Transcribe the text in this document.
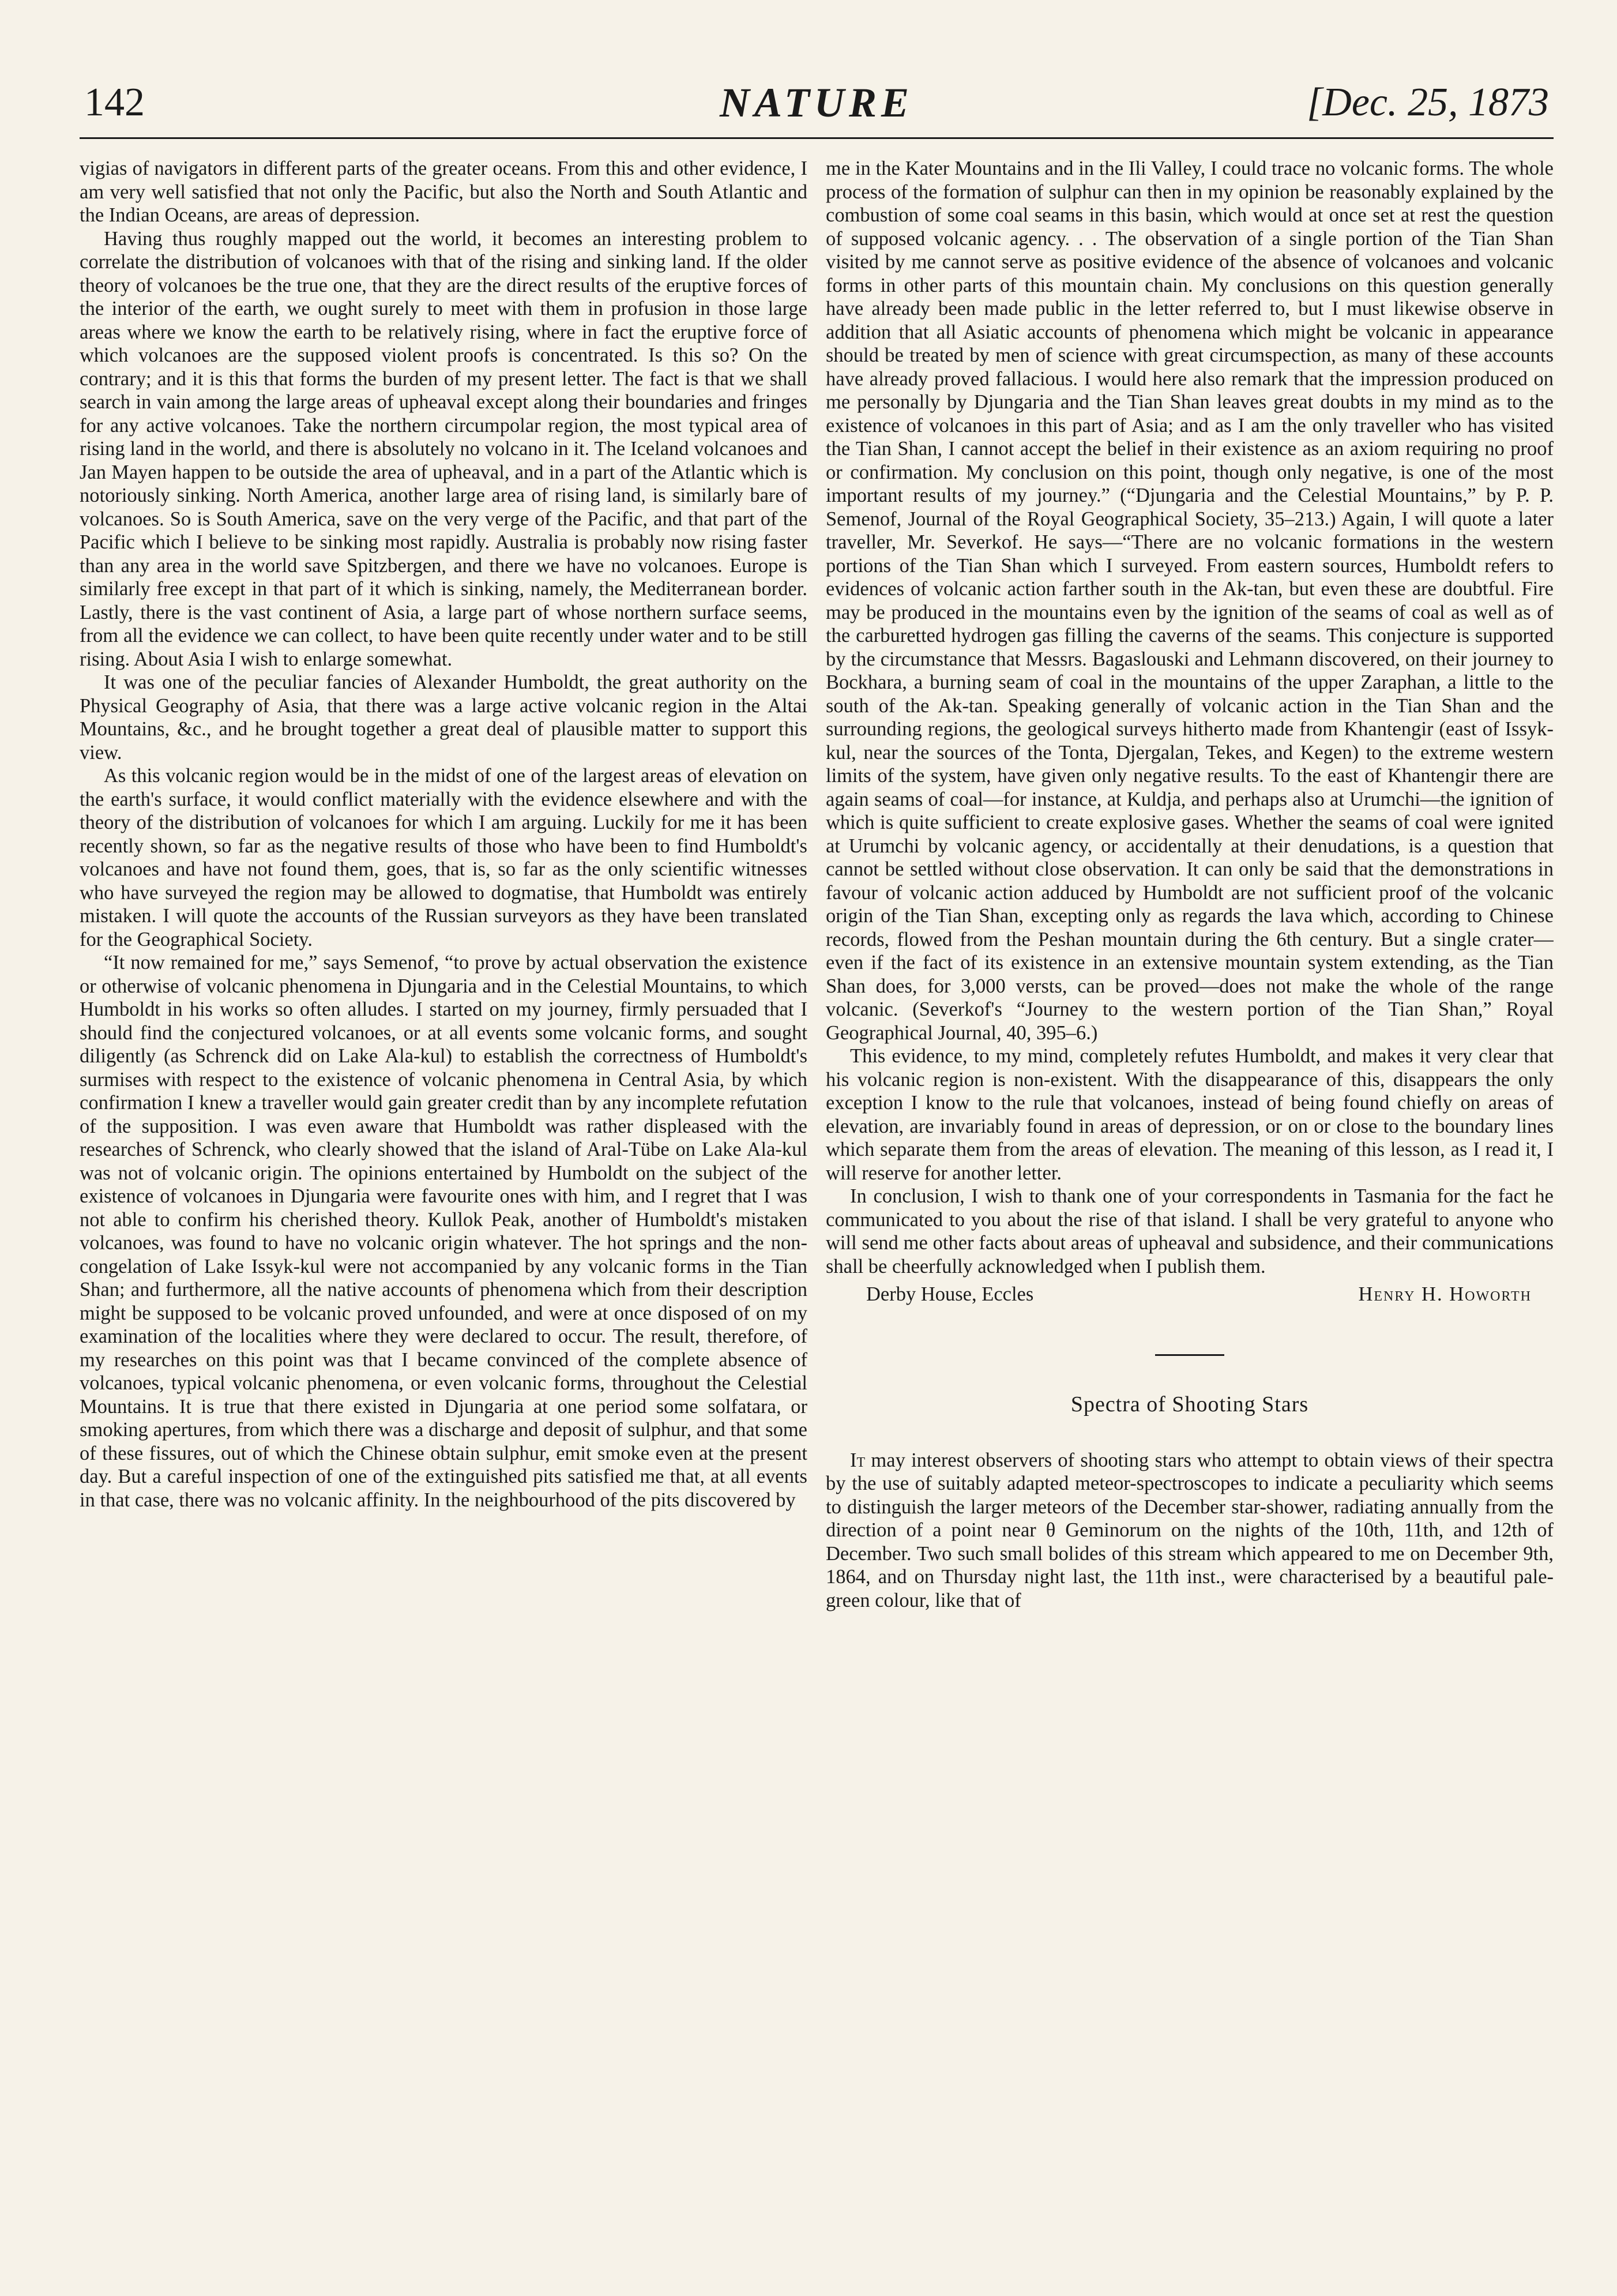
142	NATURE	[Dec. 25, 1873

vigias of navigators in different parts of the greater oceans. From this and other evidence, I am very well satisfied that not only the Pacific, but also the North and South Atlantic and the Indian Oceans, are areas of depression.

Having thus roughly mapped out the world, it becomes an interesting problem to correlate the distribution of volcanoes with that of the rising and sinking land. If the older theory of volcanoes be the true one, that they are the direct results of the eruptive forces of the interior of the earth, we ought surely to meet with them in profusion in those large areas where we know the earth to be relatively rising, where in fact the eruptive force of which volcanoes are the supposed violent proofs is concentrated. Is this so? On the contrary; and it is this that forms the burden of my present letter. The fact is that we shall search in vain among the large areas of upheaval except along their boundaries and fringes for any active volcanoes. Take the northern circumpolar region, the most typical area of rising land in the world, and there is absolutely no volcano in it. The Iceland volcanoes and Jan Mayen happen to be outside the area of upheaval, and in a part of the Atlantic which is notoriously sinking. North America, another large area of rising land, is similarly bare of volcanoes. So is South America, save on the very verge of the Pacific, and that part of the Pacific which I believe to be sinking most rapidly. Australia is probably now rising faster than any area in the world save Spitzbergen, and there we have no volcanoes. Europe is similarly free except in that part of it which is sinking, namely, the Mediterranean border. Lastly, there is the vast continent of Asia, a large part of whose northern surface seems, from all the evidence we can collect, to have been quite recently under water and to be still rising. About Asia I wish to enlarge somewhat.

It was one of the peculiar fancies of Alexander Humboldt, the great authority on the Physical Geography of Asia, that there was a large active volcanic region in the Altai Mountains, &c., and he brought together a great deal of plausible matter to support this view.

As this volcanic region would be in the midst of one of the largest areas of elevation on the earth's surface, it would conflict materially with the evidence elsewhere and with the theory of the distribution of volcanoes for which I am arguing. Luckily for me it has been recently shown, so far as the negative results of those who have been to find Humboldt's volcanoes and have not found them, goes, that is, so far as the only scientific witnesses who have surveyed the region may be allowed to dogmatise, that Humboldt was entirely mistaken. I will quote the accounts of the Russian surveyors as they have been translated for the Geographical Society.

“It now remained for me,” says Semenof, “to prove by actual observation the existence or otherwise of volcanic phenomena in Djungaria and in the Celestial Mountains, to which Humboldt in his works so often alludes. I started on my journey, firmly persuaded that I should find the conjectured volcanoes, or at all events some volcanic forms, and sought diligently (as Schrenck did on Lake Ala-kul) to establish the correctness of Humboldt's surmises with respect to the existence of volcanic phenomena in Central Asia, by which confirmation I knew a traveller would gain greater credit than by any incomplete refutation of the supposition. I was even aware that Humboldt was rather displeased with the researches of Schrenck, who clearly showed that the island of Aral-Tübe on Lake Ala-kul was not of volcanic origin. The opinions entertained by Humboldt on the subject of the existence of volcanoes in Djungaria were favourite ones with him, and I regret that I was not able to confirm his cherished theory. Kullok Peak, another of Humboldt's mistaken volcanoes, was found to have no volcanic origin whatever. The hot springs and the non-congelation of Lake Issyk-kul were not accompanied by any volcanic forms in the Tian Shan; and furthermore, all the native accounts of phenomena which from their description might be supposed to be volcanic proved unfounded, and were at once disposed of on my examination of the localities where they were declared to occur. The result, therefore, of my researches on this point was that I became convinced of the complete absence of volcanoes, typical volcanic phenomena, or even volcanic forms, throughout the Celestial Mountains. It is true that there existed in Djungaria at one period some solfatara, or smoking apertures, from which there was a discharge and deposit of sulphur, and that some of these fissures, out of which the Chinese obtain sulphur, emit smoke even at the present day. But a careful inspection of one of the extinguished pits satisfied me that, at all events in that case, there was no volcanic affinity. In the neighbourhood of the pits discovered by

me in the Kater Mountains and in the Ili Valley, I could trace no volcanic forms. The whole process of the formation of sulphur can then in my opinion be reasonably explained by the combustion of some coal seams in this basin, which would at once set at rest the question of supposed volcanic agency. . . The observation of a single portion of the Tian Shan visited by me cannot serve as positive evidence of the absence of volcanoes and volcanic forms in other parts of this mountain chain. My conclusions on this question generally have already been made public in the letter referred to, but I must likewise observe in addition that all Asiatic accounts of phenomena which might be volcanic in appearance should be treated by men of science with great circumspection, as many of these accounts have already proved fallacious. I would here also remark that the impression produced on me personally by Djungaria and the Tian Shan leaves great doubts in my mind as to the existence of volcanoes in this part of Asia; and as I am the only traveller who has visited the Tian Shan, I cannot accept the belief in their existence as an axiom requiring no proof or confirmation. My conclusion on this point, though only negative, is one of the most important results of my journey.” (“Djungaria and the Celestial Mountains,” by P. P. Semenof, Journal of the Royal Geographical Society, 35–213.) Again, I will quote a later traveller, Mr. Severkof. He says—“There are no volcanic formations in the western portions of the Tian Shan which I surveyed. From eastern sources, Humboldt refers to evidences of volcanic action farther south in the Ak-tan, but even these are doubtful. Fire may be produced in the mountains even by the ignition of the seams of coal as well as of the carburetted hydrogen gas filling the caverns of the seams. This conjecture is supported by the circumstance that Messrs. Bagaslouski and Lehmann discovered, on their journey to Bockhara, a burning seam of coal in the mountains of the upper Zaraphan, a little to the south of the Ak-tan. Speaking generally of volcanic action in the Tian Shan and the surrounding regions, the geological surveys hitherto made from Khantengir (east of Issyk-kul, near the sources of the Tonta, Djergalan, Tekes, and Kegen) to the extreme western limits of the system, have given only negative results. To the east of Khantengir there are again seams of coal—for instance, at Kuldja, and perhaps also at Urumchi—the ignition of which is quite sufficient to create explosive gases. Whether the seams of coal were ignited at Urumchi by volcanic agency, or accidentally at their denudations, is a question that cannot be settled without close observation. It can only be said that the demonstrations in favour of volcanic action adduced by Humboldt are not sufficient proof of the volcanic origin of the Tian Shan, excepting only as regards the lava which, according to Chinese records, flowed from the Peshan mountain during the 6th century. But a single crater—even if the fact of its existence in an extensive mountain system extending, as the Tian Shan does, for 3,000 versts, can be proved—does not make the whole of the range volcanic. (Severkof's “Journey to the western portion of the Tian Shan,” Royal Geographical Journal, 40, 395–6.)

This evidence, to my mind, completely refutes Humboldt, and makes it very clear that his volcanic region is non-existent. With the disappearance of this, disappears the only exception I know to the rule that volcanoes, instead of being found chiefly on areas of elevation, are invariably found in areas of depression, or on or close to the boundary lines which separate them from the areas of elevation. The meaning of this lesson, as I read it, I will reserve for another letter.

In conclusion, I wish to thank one of your correspondents in Tasmania for the fact he communicated to you about the rise of that island. I shall be very grateful to anyone who will send me other facts about areas of upheaval and subsidence, and their communications shall be cheerfully acknowledged when I publish them.

Derby House, Eccles	Henry H. Howorth
Spectra of Shooting Stars

It may interest observers of shooting stars who attempt to obtain views of their spectra by the use of suitably adapted meteor-spectroscopes to indicate a peculiarity which seems to distinguish the larger meteors of the December star-shower, radiating annually from the direction of a point near θ Geminorum on the nights of the 10th, 11th, and 12th of December. Two such small bolides of this stream which appeared to me on December 9th, 1864, and on Thursday night last, the 11th inst., were characterised by a beautiful pale-green colour, like that of
